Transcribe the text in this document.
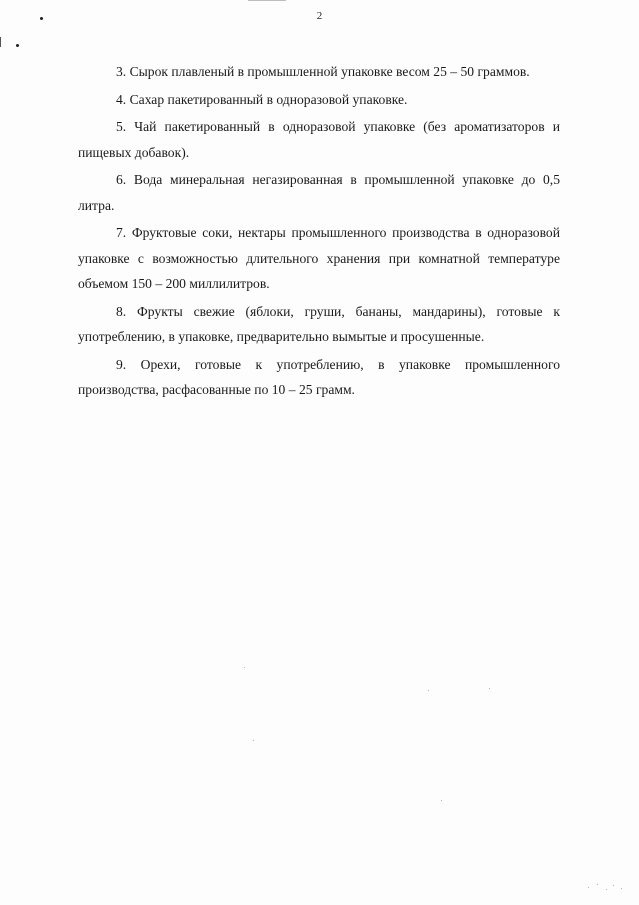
2

3. Сырок плавленый в промышленной упаковке весом 25 – 50 граммов.

4. Сахар пакетированный в одноразовой упаковке.

5. Чай пакетированный в одноразовой упаковке (без ароматизаторов и пищевых добавок).

6. Вода минеральная негазированная в промышленной упаковке до 0,5 литра.

7. Фруктовые соки, нектары промышленного производства в одноразовой упаковке с возможностью длительного хранения при комнатной температуре объемом 150 – 200 миллилитров.

8. Фрукты свежие (яблоки, груши, бананы, мандарины), готовые к употреблению, в упаковке, предварительно вымытые и просушенные.

9. Орехи, готовые к употреблению, в упаковке промышленного производства, расфасованные по 10 – 25 грамм.
